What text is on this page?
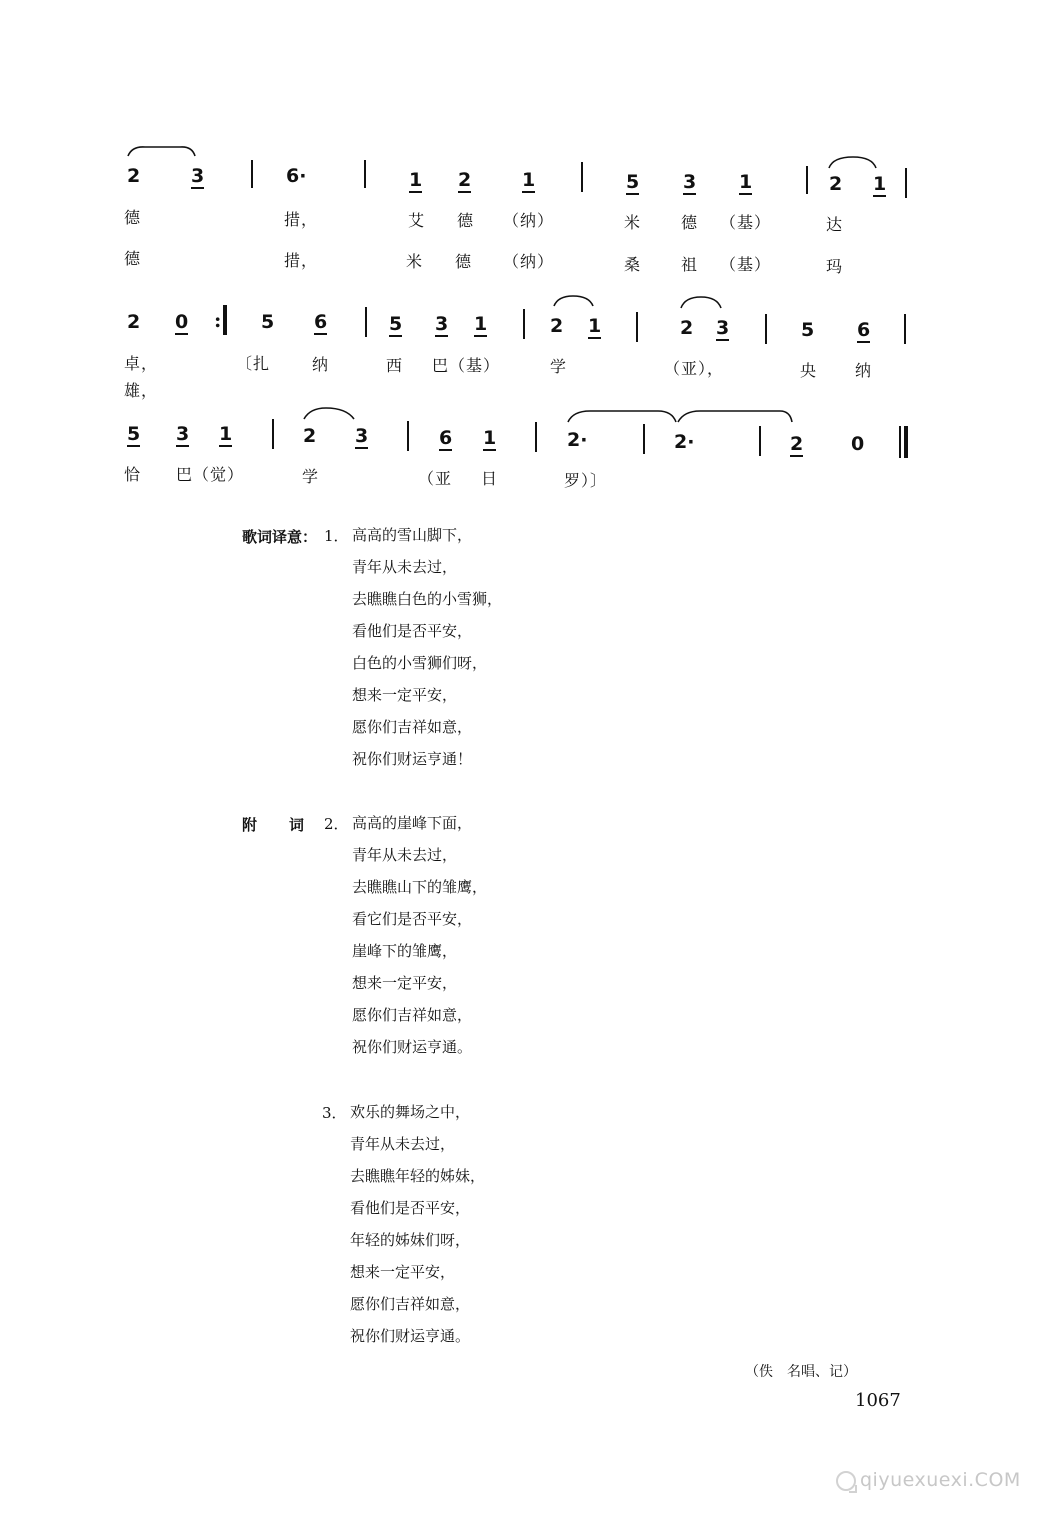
2	3	6·	1 2	1	5 3 1	2 1
德	措，	艾 德 （纳）	米 德 （基）	达
德	措，	米 德 （纳）	桑 祖 （基）	玛
2 0 : 5 6	5 3 1	2 1	2 3	5 6
卓，	〔扎	纳	西 巴（基）	学	（亚），	央 纳
雄，
5 3 1	2 3	6 1	2·	2·	2	0
恰 巴（觉）	学	（亚 日	罗）〕
歌词译意： 1． 高高的雪山脚下，
青年从未去过，
去瞧瞧白色的小雪狮，
看他们是否平安，
白色的小雪狮们呀，
想来一定平安，
愿你们吉祥如意，
祝你们财运亨通！
附 词 2． 高高的崖峰下面，
青年从未去过，
去瞧瞧山下的雏鹰，
看它们是否平安，
崖峰下的雏鹰，
想来一定平安，
愿你们吉祥如意，
祝你们财运亨通。
3． 欢乐的舞场之中，
青年从未去过，
去瞧瞧年轻的姊妹，
看他们是否平安，
年轻的姊妹们呀，
想来一定平安，
愿你们吉祥如意，
祝你们财运亨通。
（佚　名唱、记）
1067
qiyuexuexi.COM
